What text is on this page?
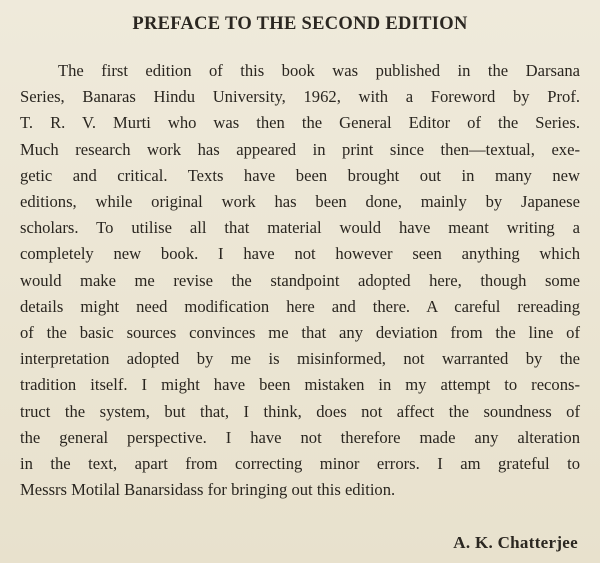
PREFACE TO THE SECOND EDITION
The first edition of this book was published in the Darsana
Series, Banaras Hindu University, 1962, with a Foreword by Prof.
T. R. V. Murti who was then the General Editor of the Series.
Much research work has appeared in print since then—textual, exe-
getic and critical. Texts have been brought out in many new
editions, while original work has been done, mainly by Japanese
scholars. To utilise all that material would have meant writing a
completely new book. I have not however seen anything which
would make me revise the standpoint adopted here, though some
details might need modification here and there. A careful rereading
of the basic sources convinces me that any deviation from the line of
interpretation adopted by me is misinformed, not warranted by the
tradition itself. I might have been mistaken in my attempt to recons-
truct the system, but that, I think, does not affect the soundness of
the general perspective. I have not therefore made any alteration
in the text, apart from correcting minor errors. I am grateful to
Messrs Motilal Banarsidass for bringing out this edition.
A. K. Chatterjee
